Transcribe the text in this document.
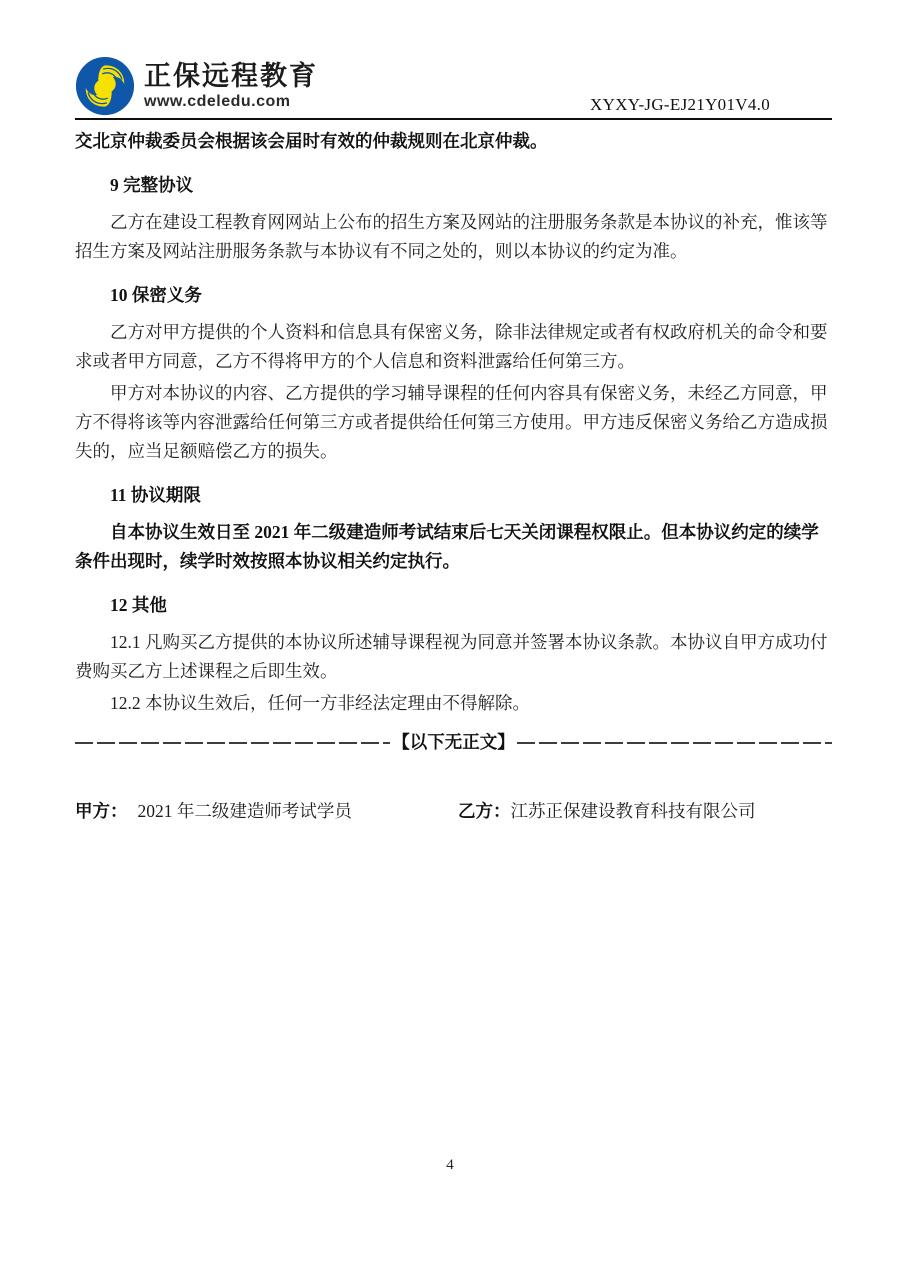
正保远程教育
www.cdeledu.com	XYXY-JG-EJ21Y01V4.0

交北京仲裁委员会根据该会届时有效的仲裁规则在北京仲裁。

9 完整协议

乙方在建设工程教育网网站上公布的招生方案及网站的注册服务条款是本协议的补充，惟该等招生方案及网站注册服务条款与本协议有不同之处的，则以本协议的约定为准。

10 保密义务

乙方对甲方提供的个人资料和信息具有保密义务，除非法律规定或者有权政府机关的命令和要求或者甲方同意，乙方不得将甲方的个人信息和资料泄露给任何第三方。

甲方对本协议的内容、乙方提供的学习辅导课程的任何内容具有保密义务，未经乙方同意，甲方不得将该等内容泄露给任何第三方或者提供给任何第三方使用。甲方违反保密义务给乙方造成损失的，应当足额赔偿乙方的损失。

11 协议期限

自本协议生效日至 2021 年二级建造师考试结束后七天关闭课程权限止。但本协议约定的续学条件出现时，续学时效按照本协议相关约定执行。

12 其他

12.1 凡购买乙方提供的本协议所述辅导课程视为同意并签署本协议条款。本协议自甲方成功付费购买乙方上述课程之后即生效。

12.2 本协议生效后，任何一方非经法定理由不得解除。

【以下无正文】
甲方： 2021 年二级建造师考试学员	乙方： 江苏正保建设教育科技有限公司
4
